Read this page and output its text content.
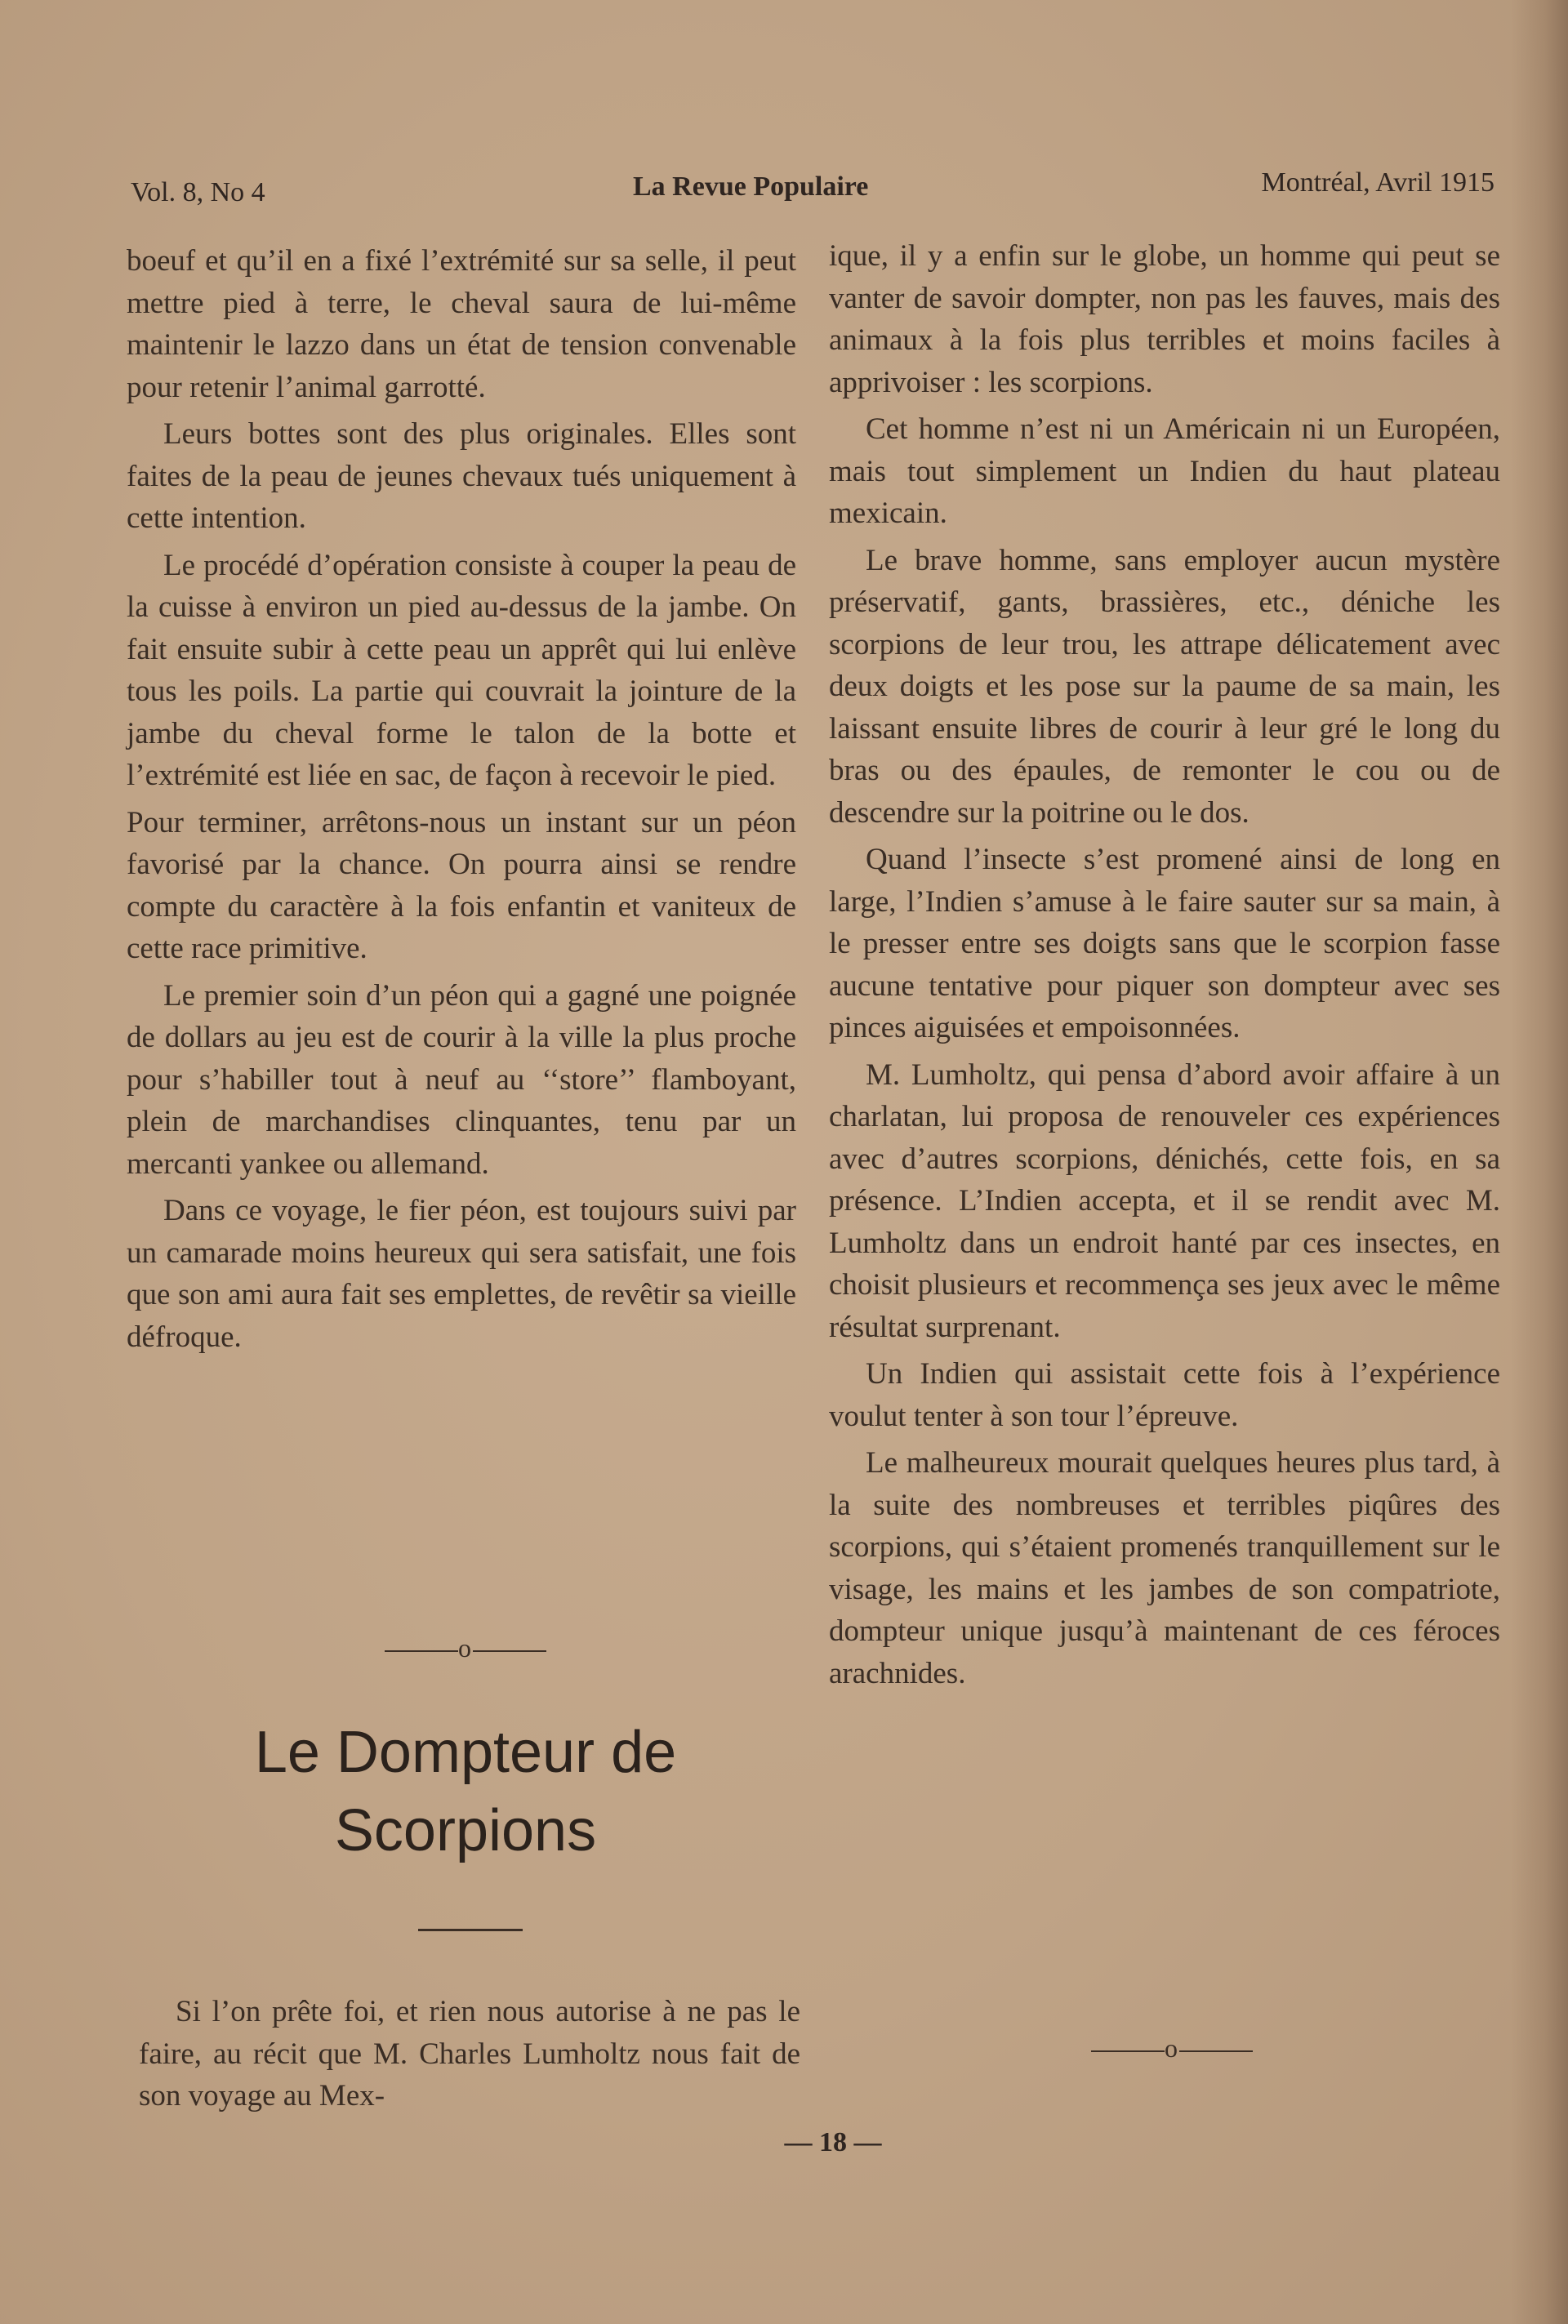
Vol. 8, No 4	La Revue Populaire	Montréal, Avril 1915

boeuf et qu’il en a fixé l’extrémité sur sa selle, il peut mettre pied à terre, le cheval saura de lui-même maintenir le lazzo dans un état de tension convenable pour retenir l’animal garrotté.

Leurs bottes sont des plus originales. Elles sont faites de la peau de jeunes chevaux tués uniquement à cette intention.

Le procédé d’opération consiste à couper la peau de la cuisse à environ un pied au-dessus de la jambe. On fait ensuite subir à cette peau un apprêt qui lui enlève tous les poils. La partie qui couvrait la jointure de la jambe du cheval forme le talon de la botte et l’extrémité est liée en sac, de façon à recevoir le pied.

Pour terminer, arrêtons-nous un instant sur un péon favorisé par la chance. On pourra ainsi se rendre compte du caractère à la fois enfantin et vaniteux de cette race primitive.

Le premier soin d’un péon qui a gagné une poignée de dollars au jeu est de courir à la ville la plus proche pour s’habiller tout à neuf au ‘‘store’’ flamboyant, plein de marchandises clinquantes, tenu par un mercanti yankee ou allemand.

Dans ce voyage, le fier péon, est toujours suivi par un camarade moins heureux qui sera satisfait, une fois que son ami aura fait ses emplettes, de revêtir sa vieille défroque.

o
Le Dompteur de
Scorpions

Si l’on prête foi, et rien nous autorise à ne pas le faire, au récit que M. Charles Lumholtz nous fait de son voyage au Mex-

ique, il y a enfin sur le globe, un homme qui peut se vanter de savoir dompter, non pas les fauves, mais des animaux à la fois plus terribles et moins faciles à apprivoiser : les scorpions.

Cet homme n’est ni un Américain ni un Européen, mais tout simplement un Indien du haut plateau mexicain.

Le brave homme, sans employer aucun mystère préservatif, gants, brassières, etc., déniche les scorpions de leur trou, les attrape délicatement avec deux doigts et les pose sur la paume de sa main, les laissant ensuite libres de courir à leur gré le long du bras ou des épaules, de remonter le cou ou de descendre sur la poitrine ou le dos.

Quand l’insecte s’est promené ainsi de long en large, l’Indien s’amuse à le faire sauter sur sa main, à le presser entre ses doigts sans que le scorpion fasse aucune tentative pour piquer son dompteur avec ses pinces aiguisées et empoisonnées.

M. Lumholtz, qui pensa d’abord avoir affaire à un charlatan, lui proposa de renouveler ces expériences avec d’autres scorpions, dénichés, cette fois, en sa présence. L’Indien accepta, et il se rendit avec M. Lumholtz dans un endroit hanté par ces insectes, en choisit plusieurs et recommença ses jeux avec le même résultat surprenant.

Un Indien qui assistait cette fois à l’expérience voulut tenter à son tour l’épreuve.

Le malheureux mourait quelques heures plus tard, à la suite des nombreuses et terribles piqûres des scorpions, qui s’étaient promenés tranquillement sur le visage, les mains et les jambes de son compatriote, dompteur unique jusqu’à maintenant de ces féroces arachnides.

o
— 18 —
